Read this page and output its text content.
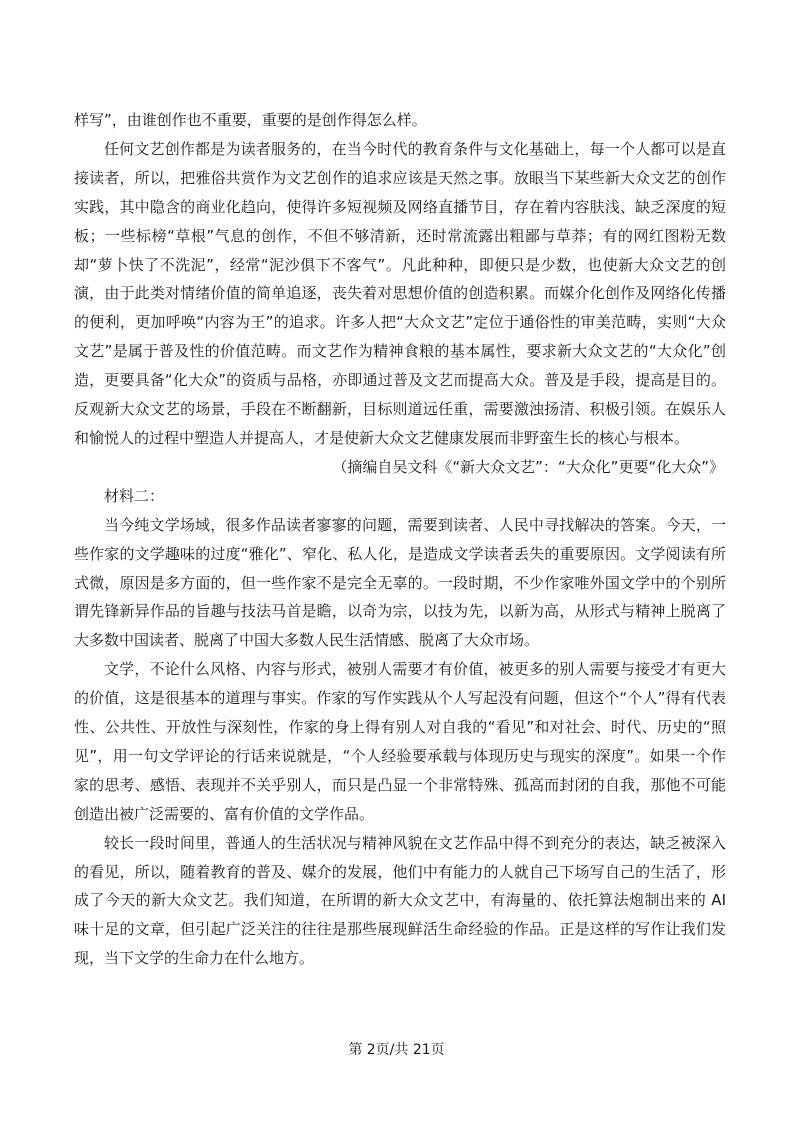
样写”，由谁创作也不重要，重要的是创作得怎么样。

任何文艺创作都是为读者服务的，在当今时代的教育条件与文化基础上，每一个人都可以是直接读者，所以，把雅俗共赏作为文艺创作的追求应该是天然之事。放眼当下某些新大众文艺的创作实践，其中隐含的商业化趋向，使得许多短视频及网络直播节目，存在着内容肤浅、缺乏深度的短板；一些标榜“草根”气息的创作，不但不够清新，还时常流露出粗鄙与草莽；有的网红图粉无数却“萝卜快了不洗泥”，经常“泥沙俱下不客气”。凡此种种，即便只是少数，也使新大众文艺的创演，由于此类对情绪价值的简单追逐，丧失着对思想价值的创造积累。而媒介化创作及网络化传播的便利，更加呼唤“内容为王”的追求。许多人把“大众文艺”定位于通俗性的审美范畴，实则“大众文艺”是属于普及性的价值范畴。而文艺作为精神食粮的基本属性，要求新大众文艺的“大众化”创造，更要具备“化大众”的资质与品格，亦即通过普及文艺而提高大众。普及是手段，提高是目的。反观新大众文艺的场景，手段在不断翻新，目标则道远任重，需要激浊扬清、积极引领。在娱乐人和愉悦人的过程中塑造人并提高人，才是使新大众文艺健康发展而非野蛮生长的核心与根本。

（摘编自吴文科《“新大众文艺”：“大众化”更要“化大众”》

材料二：

当今纯文学场域，很多作品读者寥寥的问题，需要到读者、人民中寻找解决的答案。今天，一些作家的文学趣味的过度“雅化”、窄化、私人化，是造成文学读者丢失的重要原因。文学阅读有所式微，原因是多方面的，但一些作家不是完全无辜的。一段时期，不少作家唯外国文学中的个别所谓先锋新异作品的旨趣与技法马首是瞻，以奇为宗，以技为先，以新为高，从形式与精神上脱离了大多数中国读者、脱离了中国大多数人民生活情感、脱离了大众市场。

文学，不论什么风格、内容与形式，被别人需要才有价值，被更多的别人需要与接受才有更大的价值，这是很基本的道理与事实。作家的写作实践从个人写起没有问题，但这个“个人”得有代表性、公共性、开放性与深刻性，作家的身上得有别人对自我的“看见”和对社会、时代、历史的“照见”，用一句文学评论的行话来说就是，“个人经验要承载与体现历史与现实的深度”。如果一个作家的思考、感悟、表现并不关乎别人，而只是凸显一个非常特殊、孤高而封闭的自我，那他不可能创造出被广泛需要的、富有价值的文学作品。

较长一段时间里，普通人的生活状况与精神风貌在文艺作品中得不到充分的表达，缺乏被深入的看见，所以，随着教育的普及、媒介的发展，他们中有能力的人就自己下场写自己的生活了，形成了今天的新大众文艺。我们知道，在所谓的新大众文艺中，有海量的、依托算法炮制出来的 AI 味十足的文章，但引起广泛关注的往往是那些展现鲜活生命经验的作品。正是这样的写作让我们发现，当下文学的生命力在什么地方。

第 2页/共 21页
